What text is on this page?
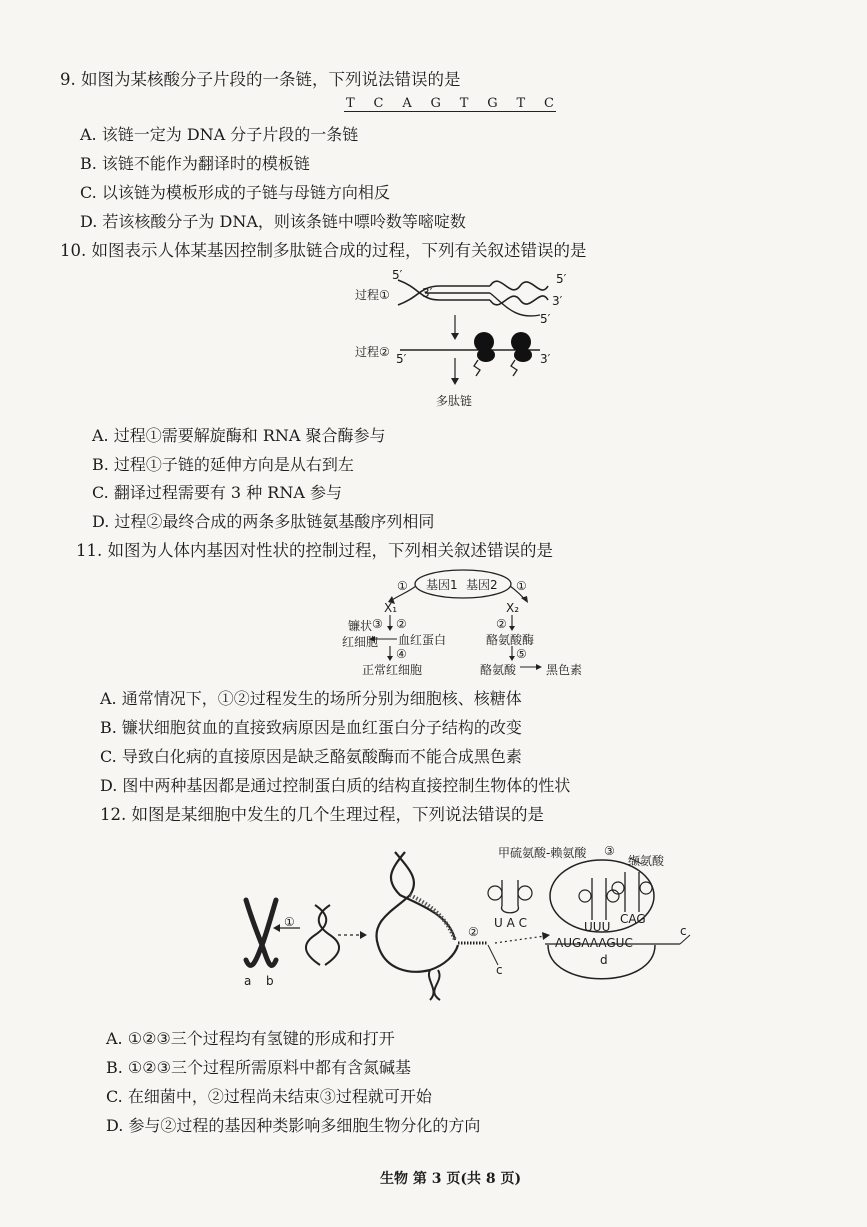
9. 如图为某核酸分子片段的一条链，下列说法错误的是
T C A G T G T C
A. 该链一定为 DNA 分子片段的一条链
B. 该链不能作为翻译时的模板链
C. 以该链为模板形成的子链与母链方向相反
D. 若该核酸分子为 DNA，则该条链中嘌呤数等嘧啶数
10. 如图表示人体某基因控制多肽链合成的过程，下列有关叙述错误的是
5′
过程①	3′
5′
3′
5′
过程② 5′	3′
多肽链
A. 过程①需要解旋酶和 RNA 聚合酶参与
B. 过程①子链的延伸方向是从右到左
C. 翻译过程需要有 3 种 RNA 参与
D. 过程②最终合成的两条多肽链氨基酸序列相同
11. 如图为人体内基因对性状的控制过程，下列相关叙述错误的是
基因1 基因2
①	①
X₁	X₂
镰状 ③ ②	②
红细胞 血红蛋白	酪氨酸酶
④	⑤
正常红细胞	酪氨酸 黑色素
A. 通常情况下，①②过程发生的场所分别为细胞核、核糖体
B. 镰状细胞贫血的直接致病原因是血红蛋白分子结构的改变
C. 导致白化病的直接原因是缺乏酪氨酸酶而不能合成黑色素
D. 图中两种基因都是通过控制蛋白质的结构直接控制生物体的性状
12. 如图是某细胞中发生的几个生理过程，下列说法错误的是
甲硫氨酸-赖氨酸 ③
缬氨酸
①	U A C	UUU
CAG
②	c
AUGAAAGUC
d
c
a b
A. ①②③三个过程均有氢键的形成和打开
B. ①②③三个过程所需原料中都有含氮碱基
C. 在细菌中，②过程尚未结束③过程就可开始
D. 参与②过程的基因种类影响多细胞生物分化的方向
生物 第 3 页(共 8 页)
